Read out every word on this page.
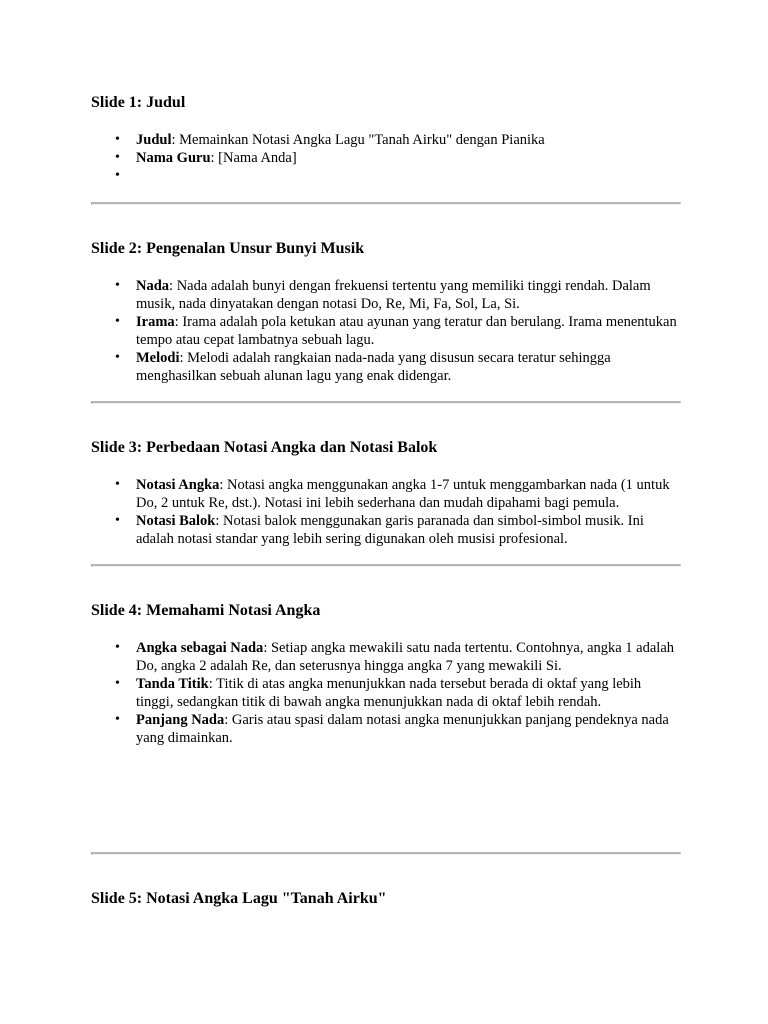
Slide 1: Judul
• Judul: Memainkan Notasi Angka Lagu "Tanah Airku" dengan Pianika
• Nama Guru: [Nama Anda]
•
Slide 2: Pengenalan Unsur Bunyi Musik
• Nada: Nada adalah bunyi dengan frekuensi tertentu yang memiliki tinggi rendah. Dalam musik, nada dinyatakan dengan notasi Do, Re, Mi, Fa, Sol, La, Si.
• Irama: Irama adalah pola ketukan atau ayunan yang teratur dan berulang. Irama menentukan tempo atau cepat lambatnya sebuah lagu.
• Melodi: Melodi adalah rangkaian nada-nada yang disusun secara teratur sehingga menghasilkan sebuah alunan lagu yang enak didengar.
Slide 3: Perbedaan Notasi Angka dan Notasi Balok
• Notasi Angka: Notasi angka menggunakan angka 1-7 untuk menggambarkan nada (1 untuk Do, 2 untuk Re, dst.). Notasi ini lebih sederhana dan mudah dipahami bagi pemula.
• Notasi Balok: Notasi balok menggunakan garis paranada dan simbol-simbol musik. Ini adalah notasi standar yang lebih sering digunakan oleh musisi profesional.
Slide 4: Memahami Notasi Angka
• Angka sebagai Nada: Setiap angka mewakili satu nada tertentu. Contohnya, angka 1 adalah Do, angka 2 adalah Re, dan seterusnya hingga angka 7 yang mewakili Si.
• Tanda Titik: Titik di atas angka menunjukkan nada tersebut berada di oktaf yang lebih tinggi, sedangkan titik di bawah angka menunjukkan nada di oktaf lebih rendah.
• Panjang Nada: Garis atau spasi dalam notasi angka menunjukkan panjang pendeknya nada yang dimainkan.
Slide 5: Notasi Angka Lagu "Tanah Airku"
